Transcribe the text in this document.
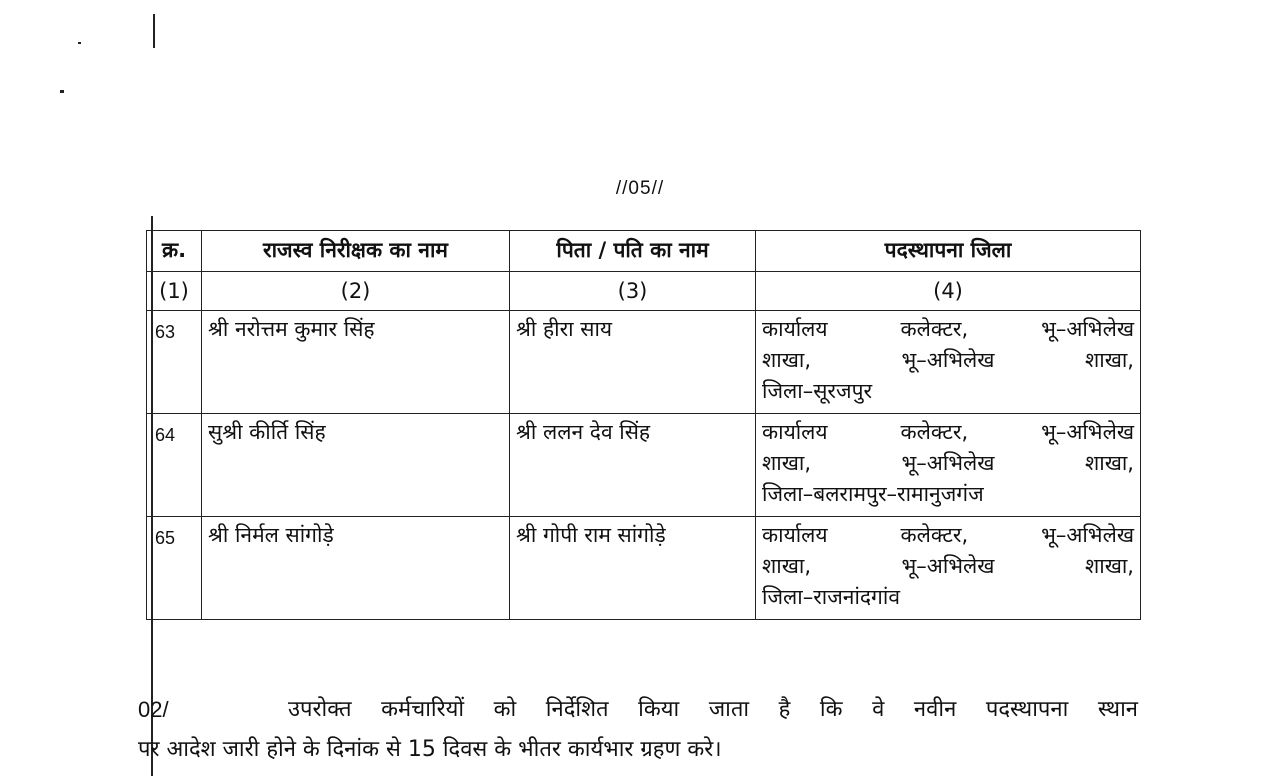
//05//
क्र.	राजस्व निरीक्षक का नाम	पिता / पति का नाम	पदस्थापना जिला
(1)	(2)	(3)	(4)
63	श्री नरोत्तम कुमार सिंह	श्री हीरा साय	कार्यालय कलेक्टर, भू–अभिलेख
शाखा, भू–अभिलेख शाखा,
जिला–सूरजपुर

64	सुश्री कीर्ति सिंह	श्री ललन देव सिंह	कार्यालय कलेक्टर, भू–अभिलेख
शाखा, भू–अभिलेख शाखा,
जिला–बलरामपुर–रामानुजगंज

65	श्री निर्मल सांगोड़े	श्री गोपी राम सांगोड़े	कार्यालय कलेक्टर, भू–अभिलेख
शाखा, भू–अभिलेख शाखा,
जिला–राजनांदगांव
02/	उपरोक्त कर्मचारियों को निर्देशित किया जाता है कि वे नवीन पदस्थापना स्थान
पर आदेश जारी होने के दिनांक से 15 दिवस के भीतर कार्यभार ग्रहण करे।
